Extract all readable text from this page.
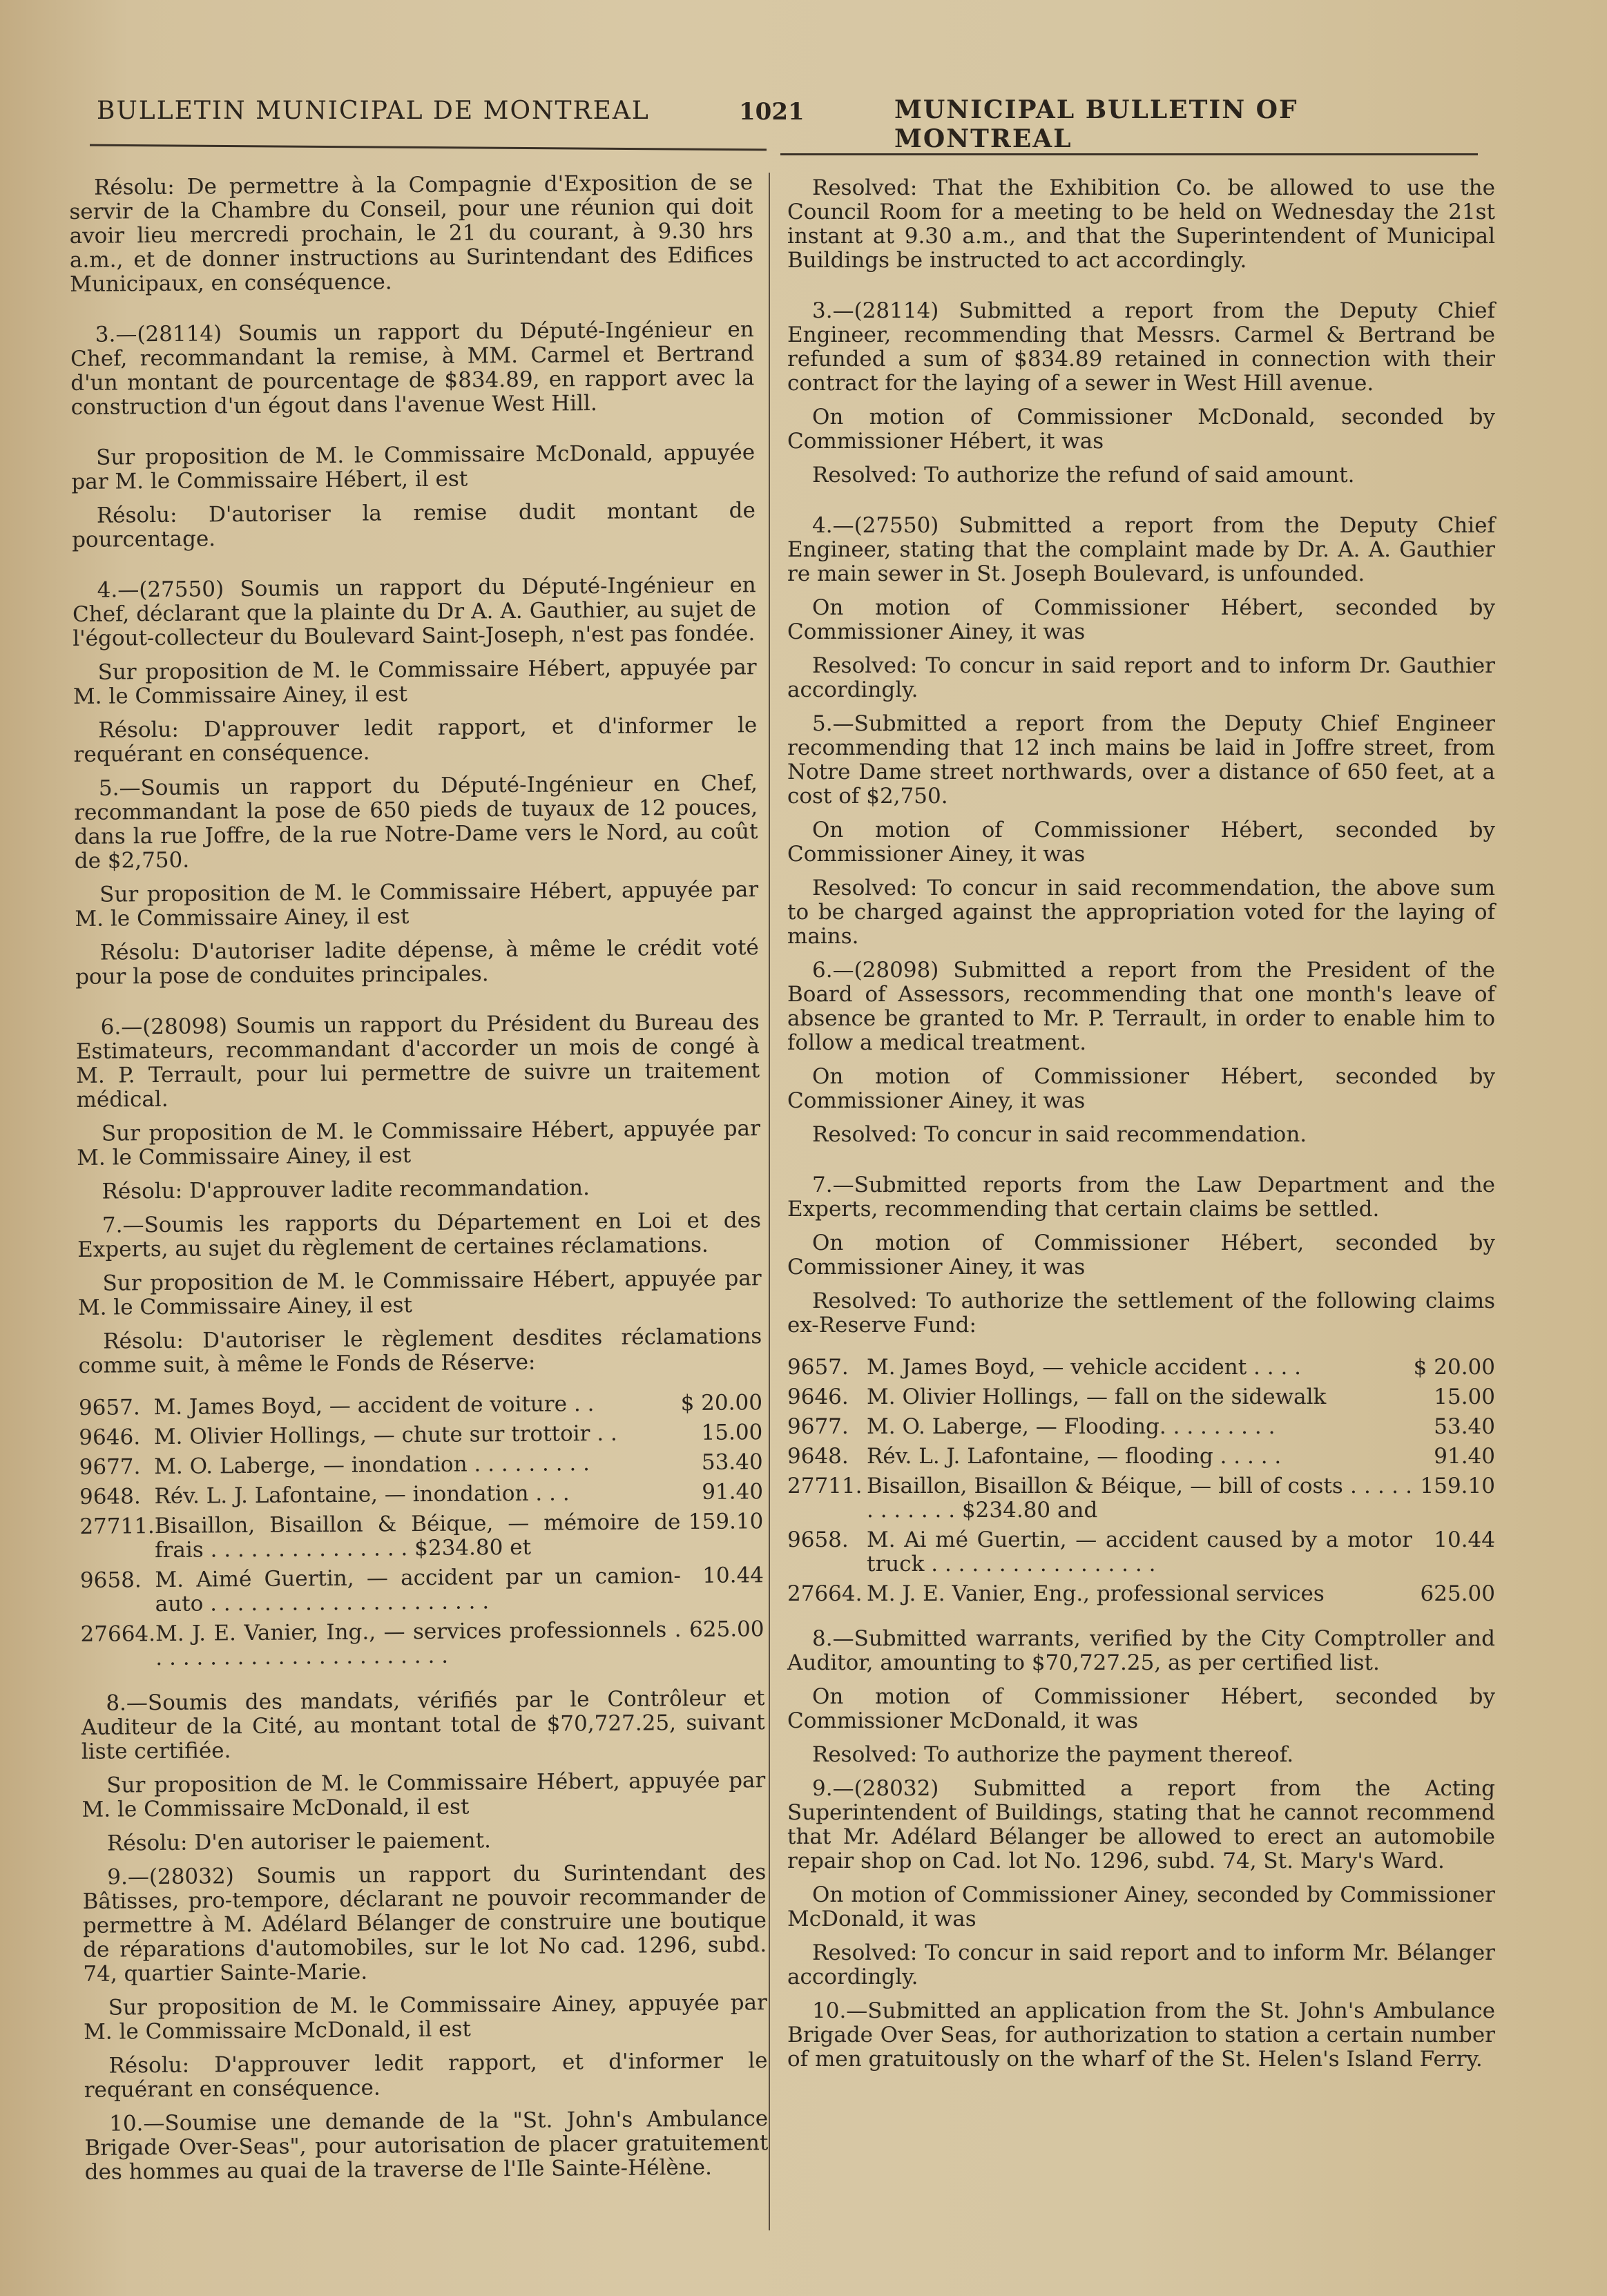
BULLETIN MUNICIPAL DE MONTREAL	1021	MUNICIPAL BULLETIN OF MONTREAL

Résolu: De permettre à la Compagnie d'Exposition de se servir de la Chambre du Conseil, pour une réunion qui doit avoir lieu mercredi prochain, le 21 du courant, à 9.30 hrs a.m., et de donner instructions au Surintendant des Edifices Municipaux, en conséquence.

3.—(28114) Soumis un rapport du Député-Ingénieur en Chef, recommandant la remise, à MM. Carmel et Bertrand d'un montant de pourcentage de $834.89, en rapport avec la construction d'un égout dans l'avenue West Hill.

Sur proposition de M. le Commissaire McDonald, appuyée par M. le Commissaire Hébert, il est

Résolu: D'autoriser la remise dudit montant de pourcentage.

4.—(27550) Soumis un rapport du Député-Ingénieur en Chef, déclarant que la plainte du Dr A. A. Gauthier, au sujet de l'égout-collecteur du Boulevard Saint-Joseph, n'est pas fondée.

Sur proposition de M. le Commissaire Hébert, appuyée par M. le Commissaire Ainey, il est

Résolu: D'approuver ledit rapport, et d'informer le requérant en conséquence.

5.—Soumis un rapport du Député-Ingénieur en Chef, recommandant la pose de 650 pieds de tuyaux de 12 pouces, dans la rue Joffre, de la rue Notre-Dame vers le Nord, au coût de $2,750.

Sur proposition de M. le Commissaire Hébert, appuyée par M. le Commissaire Ainey, il est

Résolu: D'autoriser ladite dépense, à même le crédit voté pour la pose de conduites principales.

6.—(28098) Soumis un rapport du Président du Bureau des Estimateurs, recommandant d'accorder un mois de congé à M. P. Terrault, pour lui permettre de suivre un traitement médical.

Sur proposition de M. le Commissaire Hébert, appuyée par M. le Commissaire Ainey, il est

Résolu: D'approuver ladite recommandation.

7.—Soumis les rapports du Département en Loi et des Experts, au sujet du règlement de certaines réclamations.

Sur proposition de M. le Commissaire Hébert, appuyée par M. le Commissaire Ainey, il est

Résolu: D'autoriser le règlement desdites réclamations comme suit, à même le Fonds de Réserve:

9657.	M. James Boyd, — accident de voiture . .	$ 20.00
9646.	M. Olivier Hollings, — chute sur trottoir . .	15.00
9677.	M. O. Laberge, — inondation . . . . . . . . .	53.40
9648.	Rév. L. J. Lafontaine, — inondation . . .	91.40
27711.	Bisaillon, Bisaillon & Béique, — mémoire de frais . . . . . . . . . . . . . . . $234.80 et	159.10
9658.	M. Aimé Guertin, — accident par un camion-auto . . . . . . . . . . . . . . . . . . . . .	10.44
27664.	M. J. E. Vanier, Ing., — services professionnels . . . . . . . . . . . . . . . . . . . . . . .	625.00

8.—Soumis des mandats, vérifiés par le Contrôleur et Auditeur de la Cité, au montant total de $70,727.25, suivant liste certifiée.

Sur proposition de M. le Commissaire Hébert, appuyée par M. le Commissaire McDonald, il est

Résolu: D'en autoriser le paiement.

9.—(28032) Soumis un rapport du Surintendant des Bâtisses, pro-tempore, déclarant ne pouvoir recommander de permettre à M. Adélard Bélanger de construire une boutique de réparations d'automobiles, sur le lot No cad. 1296, subd. 74, quartier Sainte-Marie.

Sur proposition de M. le Commissaire Ainey, appuyée par M. le Commissaire McDonald, il est

Résolu: D'approuver ledit rapport, et d'informer le requérant en conséquence.

10.—Soumise une demande de la "St. John's Ambulance Brigade Over-Seas", pour autorisation de placer gratuitement des hommes au quai de la traverse de l'Ile Sainte-Hélène.

Resolved: That the Exhibition Co. be allowed to use the Council Room for a meeting to be held on Wednesday the 21st instant at 9.30 a.m., and that the Superintendent of Municipal Buildings be instructed to act accordingly.

3.—(28114) Submitted a report from the Deputy Chief Engineer, recommending that Messrs. Carmel & Bertrand be refunded a sum of $834.89 retained in connection with their contract for the laying of a sewer in West Hill avenue.

On motion of Commissioner McDonald, seconded by Commissioner Hébert, it was

Resolved: To authorize the refund of said amount.

4.—(27550) Submitted a report from the Deputy Chief Engineer, stating that the complaint made by Dr. A. A. Gauthier re main sewer in St. Joseph Boulevard, is unfounded.

On motion of Commissioner Hébert, seconded by Commissioner Ainey, it was

Resolved: To concur in said report and to inform Dr. Gauthier accordingly.

5.—Submitted a report from the Deputy Chief Engineer recommending that 12 inch mains be laid in Joffre street, from Notre Dame street northwards, over a distance of 650 feet, at a cost of $2,750.

On motion of Commissioner Hébert, seconded by Commissioner Ainey, it was

Resolved: To concur in said recommendation, the above sum to be charged against the appropriation voted for the laying of mains.

6.—(28098) Submitted a report from the President of the Board of Assessors, recommending that one month's leave of absence be granted to Mr. P. Terrault, in order to enable him to follow a medical treatment.

On motion of Commissioner Hébert, seconded by Commissioner Ainey, it was

Resolved: To concur in said recommendation.

7.—Submitted reports from the Law Department and the Experts, recommending that certain claims be settled.

On motion of Commissioner Hébert, seconded by Commissioner Ainey, it was

Resolved: To authorize the settlement of the following claims ex-Reserve Fund:

9657.	M. James Boyd, — vehicle accident . . . .	$ 20.00
9646.	M. Olivier Hollings, — fall on the sidewalk	15.00
9677.	M. O. Laberge, — Flooding. . . . . . . . .	53.40
9648.	Rév. L. J. Lafontaine, — flooding . . . . .	91.40
27711.	Bisaillon, Bisaillon & Béique, — bill of costs . . . . . . . . . . . . $234.80 and	159.10
9658.	M. Ai mé Guertin, — accident caused by a motor truck . . . . . . . . . . . . . . . . .	10.44
27664.	M. J. E. Vanier, Eng., professional services	625.00

8.—Submitted warrants, verified by the City Comptroller and Auditor, amounting to $70,727.25, as per certified list.

On motion of Commissioner Hébert, seconded by Commissioner McDonald, it was

Resolved: To authorize the payment thereof.

9.—(28032) Submitted a report from the Acting Superintendent of Buildings, stating that he cannot recommend that Mr. Adélard Bélanger be allowed to erect an automobile repair shop on Cad. lot No. 1296, subd. 74, St. Mary's Ward.

On motion of Commissioner Ainey, seconded by Commissioner McDonald, it was

Resolved: To concur in said report and to inform Mr. Bélanger accordingly.

10.—Submitted an application from the St. John's Ambulance Brigade Over Seas, for authorization to station a certain number of men gratuitously on the wharf of the St. Helen's Island Ferry.
